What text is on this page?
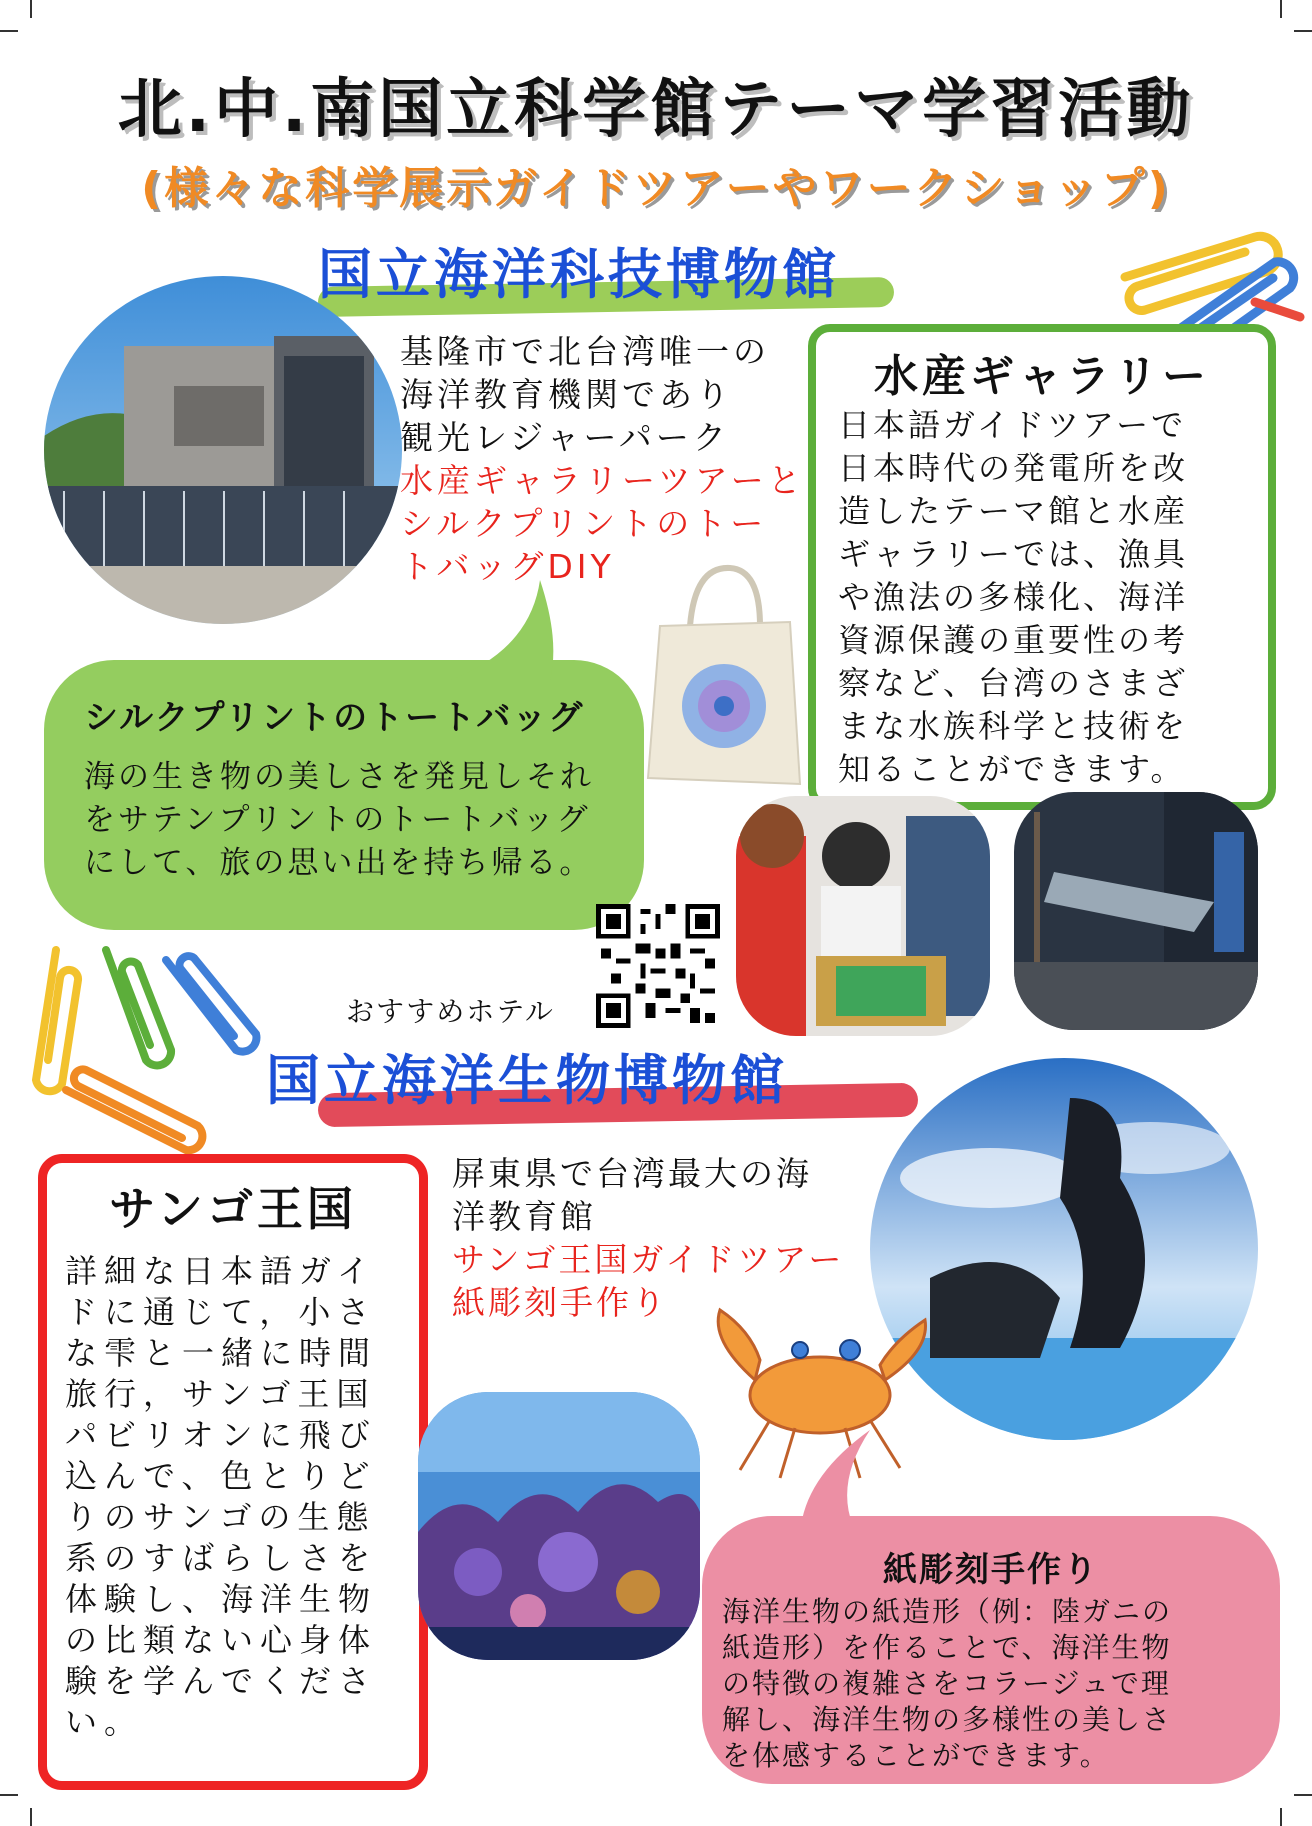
北.中.南国立科学館テーマ学習活動
(様々な科学展示ガイドツアーやワークショップ)
国立海洋科技博物館
基隆市で北台湾唯一の
海洋教育機関であり
観光レジャーパーク
水産ギャラリーツアーと
シルクプリントのトー
トバッグDIY
水産ギャラリー
日本語ガイドツアーで
日本時代の発電所を改
造したテーマ館と水産
ギャラリーでは、漁具
や漁法の多様化、海洋
資源保護の重要性の考
察など、台湾のさまざ
まな水族科学と技術を
知ることができます。
シルクプリントのトートバッグ
海の生き物の美しさを発見しそれ
をサテンプリントのトートバッグ
にして、旅の思い出を持ち帰る。
おすすめホテル
国立海洋生物博物館
屏東県で台湾最大の海
洋教育館
サンゴ王国ガイドツアー
紙彫刻手作り
サンゴ王国
詳細な日本語ガイ
ドに通じて，小さ
な雫と一緒に時間
旅行，サンゴ王国
パビリオンに飛び
込んで、色とりど
りのサンゴの生態
系のすばらしさを
体験し、海洋生物
の比類ない心身体
験を学んでくださ
い。
紙彫刻手作り
海洋生物の紙造形（例：陸ガニの
紙造形）を作ることで、海洋生物
の特徴の複雑さをコラージュで理
解し、海洋生物の多様性の美しさ
を体感することができます。
